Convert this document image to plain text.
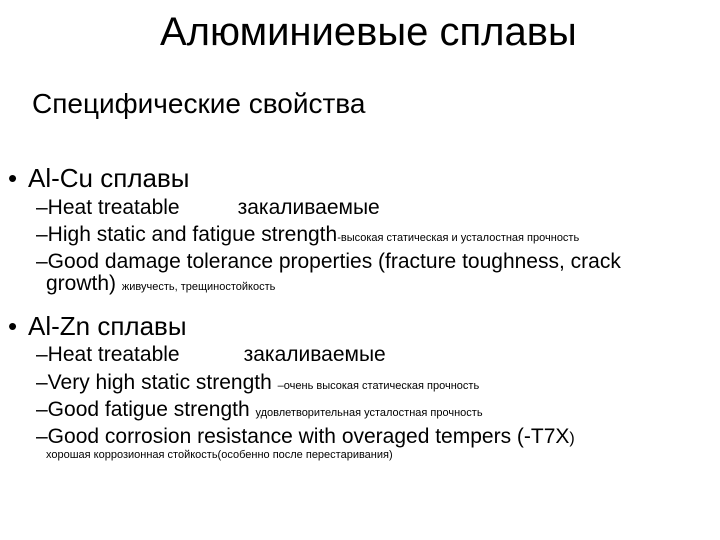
Алюминиевые сплавы
Специфические свойства
• Al-Cu сплавы
–Heat treatable	закаливаемые
–High static and fatigue strength-высокая статическая и усталостная прочность
–Good damage tolerance properties (fracture toughness, crack
growth) живучесть, трещиностойкость
• Al-Zn сплавы
–Heat treatable	закаливаемые
–Very high static strength –очень высокая статическая прочность
–Good fatigue strength удовлетворительная усталостная прочность
–Good corrosion resistance with overaged tempers (-T7X)
хорошая коррозионная стойкость(особенно после перестаривания)
